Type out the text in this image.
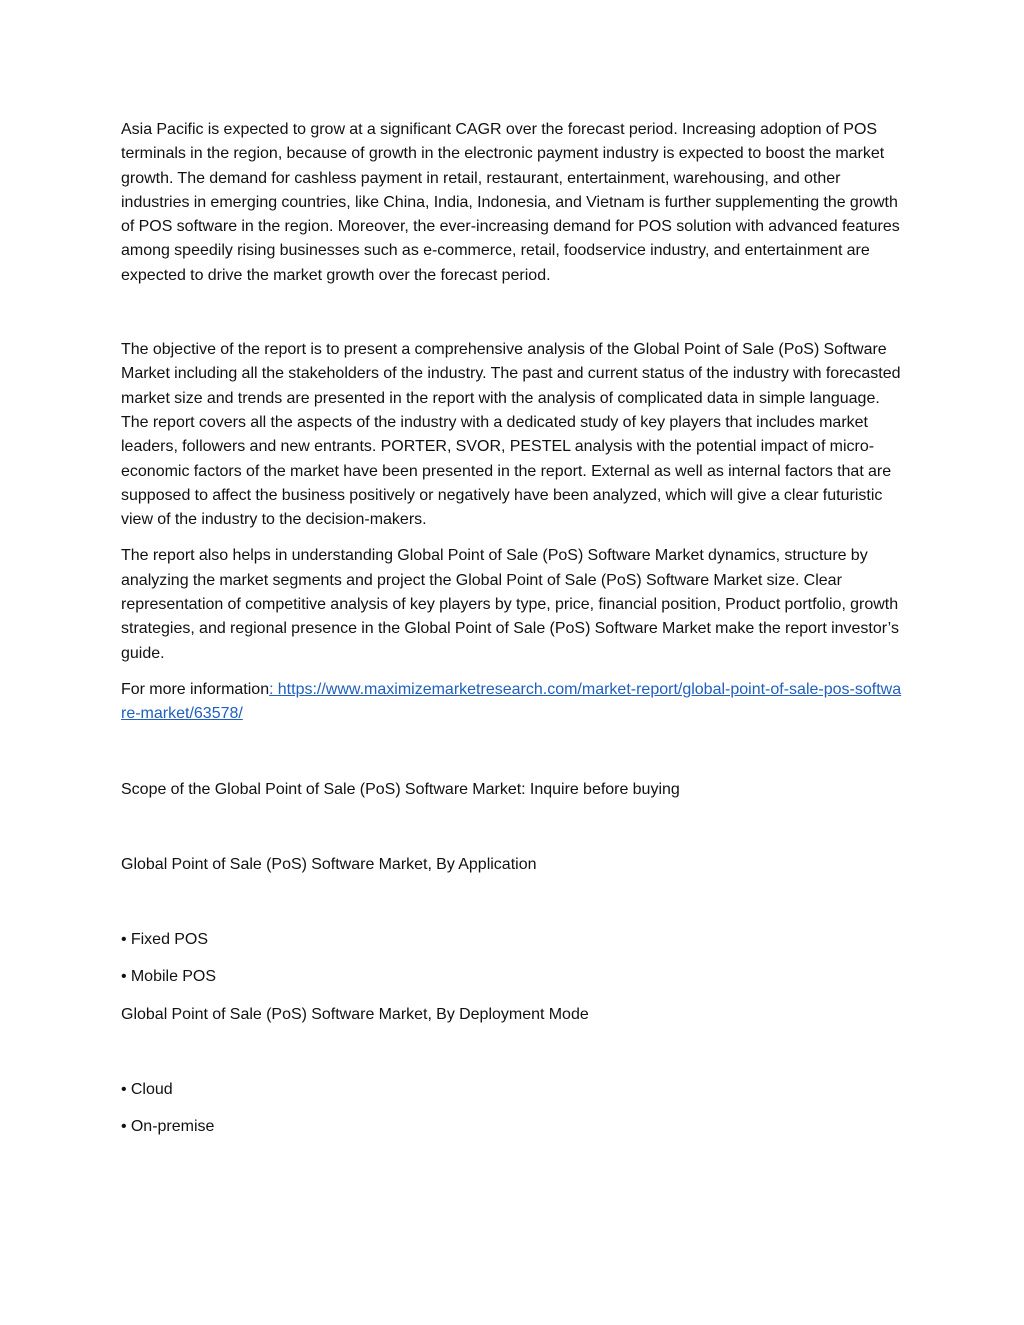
Asia Pacific is expected to grow at a significant CAGR over the forecast period. Increasing adoption of POS terminals in the region, because of growth in the electronic payment industry is expected to boost the market growth. The demand for cashless payment in retail, restaurant, entertainment, warehousing, and other industries in emerging countries, like China, India, Indonesia, and Vietnam is further supplementing the growth of POS software in the region. Moreover, the ever-increasing demand for POS solution with advanced features among speedily rising businesses such as e-commerce, retail, foodservice industry, and entertainment are expected to drive the market growth over the forecast period.

The objective of the report is to present a comprehensive analysis of the Global Point of Sale (PoS) Software Market including all the stakeholders of the industry. The past and current status of the industry with forecasted market size and trends are presented in the report with the analysis of complicated data in simple language. The report covers all the aspects of the industry with a dedicated study of key players that includes market leaders, followers and new entrants. PORTER, SVOR, PESTEL analysis with the potential impact of micro-economic factors of the market have been presented in the report. External as well as internal factors that are supposed to affect the business positively or negatively have been analyzed, which will give a clear futuristic view of the industry to the decision-makers.

The report also helps in understanding Global Point of Sale (PoS) Software Market dynamics, structure by analyzing the market segments and project the Global Point of Sale (PoS) Software Market size. Clear representation of competitive analysis of key players by type, price, financial position, Product portfolio, growth strategies, and regional presence in the Global Point of Sale (PoS) Software Market make the report investor’s guide.

For more information: https://www.maximizemarketresearch.com/market-report/global-point-of-sale-pos-software-market/63578/

Scope of the Global Point of Sale (PoS) Software Market: Inquire before buying

Global Point of Sale (PoS) Software Market, By Application

• Fixed POS

• Mobile POS

Global Point of Sale (PoS) Software Market, By Deployment Mode

• Cloud

• On-premise
